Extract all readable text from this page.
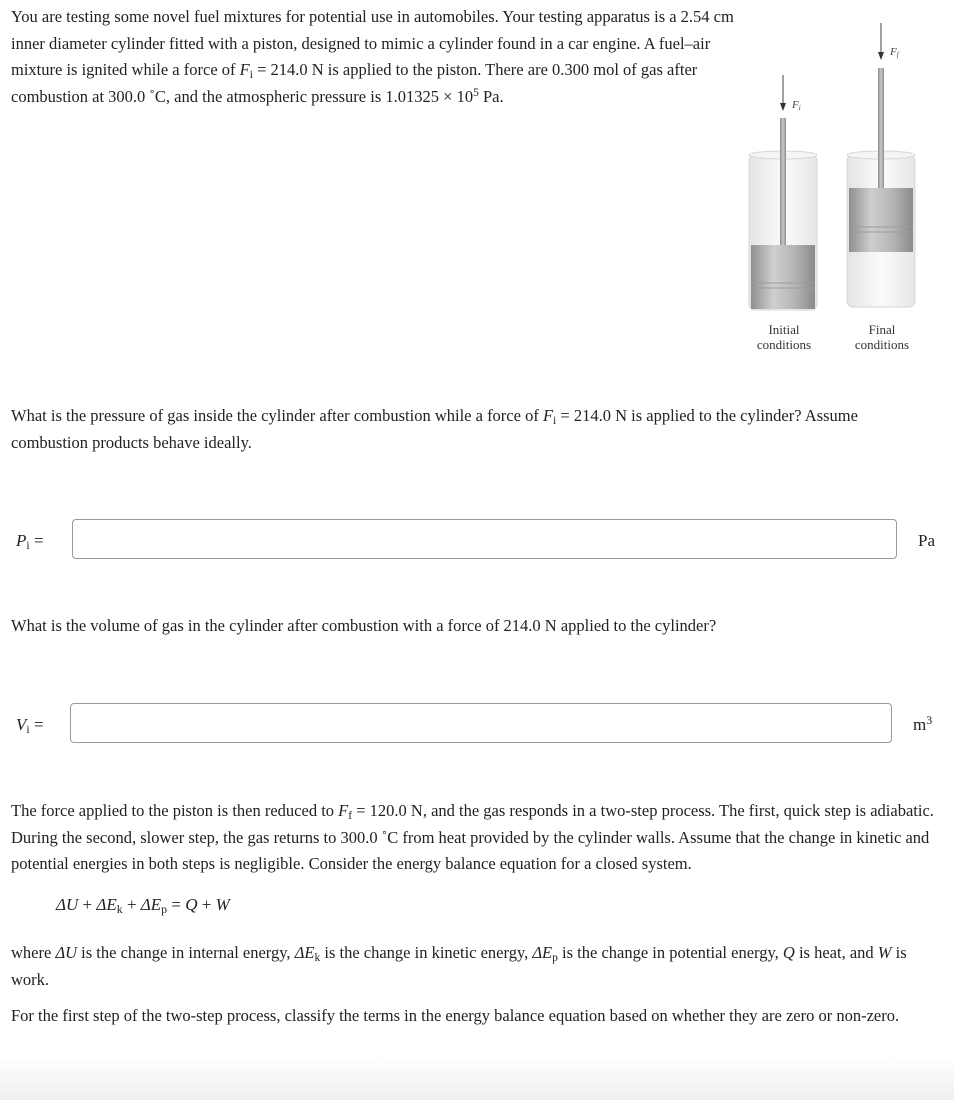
You are testing some novel fuel mixtures for potential use in automobiles. Your testing apparatus is a 2.54 cm inner diameter cylinder fitted with a piston, designed to mimic a cylinder found in a car engine. A fuel–air mixture is ignited while a force of $F_i = 214.0$ N is applied to the piston. There are 0.300 mol of gas after combustion at 300.0 ˚C, and the atmospheric pressure is $1.01325 \times 10^5$ Pa.	Fi
Ff
Initial
conditions
Final
conditions

What is the pressure of gas inside the cylinder after combustion while a force of $F_i = 214.0$ N is applied to the cylinder? Assume combustion products behave ideally.

$P_i$ =	Pa

What is the volume of gas in the cylinder after combustion with a force of 214.0 N applied to the cylinder?

$V_i$ =	$m^3$

The force applied to the piston is then reduced to $F_f = 120.0$ N, and the gas responds in a two-step process. The first, quick step is adiabatic. During the second, slower step, the gas returns to 300.0 ˚C from heat provided by the cylinder walls. Assume that the change in kinetic and potential energies in both steps is negligible. Consider the energy balance equation for a closed system.

$\Delta U + \Delta E_k + \Delta E_p = Q + W$

where ΔU is the change in internal energy, $\Delta E_k$ is the change in kinetic energy, $\Delta E_p$ is the change in potential energy, Q is heat, and W is work.

For the first step of the two-step process, classify the terms in the energy balance equation based on whether they are zero or non-zero.
